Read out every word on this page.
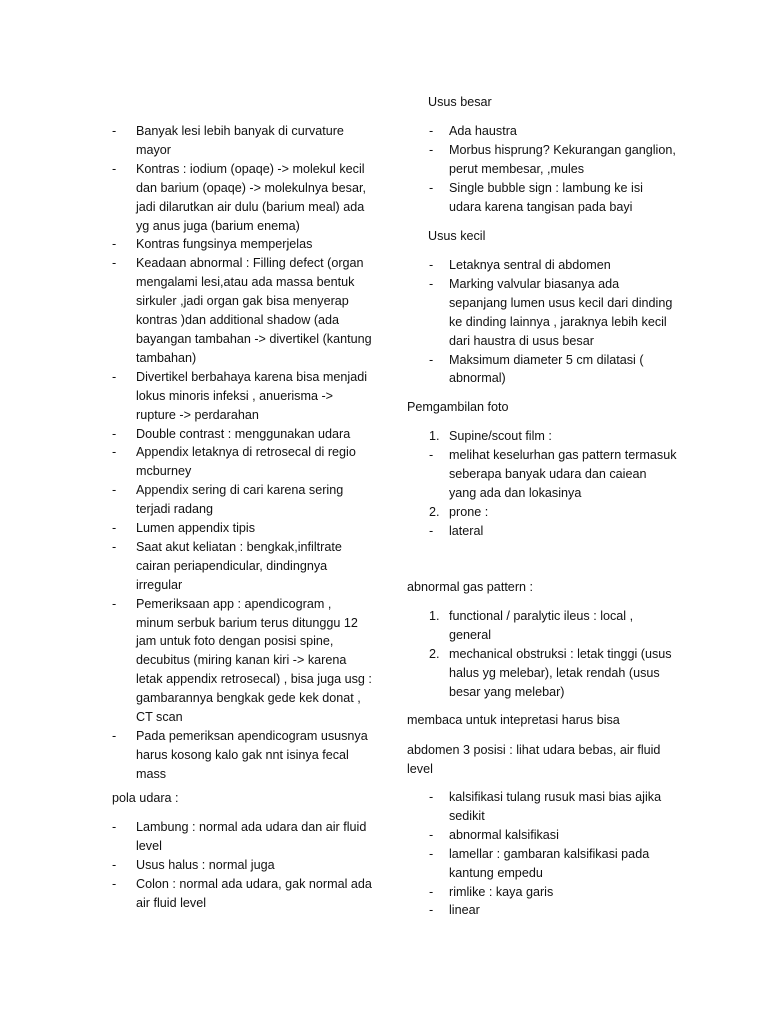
- Banyak lesi lebih banyak di curvature mayor
- Kontras : iodium (opaqe) -> molekul kecil dan barium (opaqe) -> molekulnya besar, jadi dilarutkan air dulu (barium meal) ada yg anus juga (barium enema)
- Kontras fungsinya memperjelas
- Keadaan abnormal : Filling defect (organ mengalami lesi,atau ada massa bentuk sirkuler ,jadi organ gak bisa menyerap kontras )dan additional shadow (ada bayangan tambahan -> divertikel (kantung tambahan)
- Divertikel berbahaya karena bisa menjadi lokus minoris infeksi , anuerisma -> rupture -> perdarahan
- Double contrast : menggunakan udara
- Appendix letaknya di retrosecal di regio mcburney
- Appendix sering di cari karena sering terjadi radang
- Lumen appendix tipis
- Saat akut keliatan : bengkak,infiltrate cairan periapendicular, dindingnya irregular
- Pemeriksaan app : apendicogram , minum serbuk barium terus ditunggu 12 jam untuk foto dengan posisi spine, decubitus (miring kanan kiri -> karena letak appendix retrosecal) , bisa juga usg : gambarannya bengkak gede kek donat , CT scan
- Pada pemeriksan apendicogram ususnya harus kosong kalo gak nnt isinya fecal mass
pola udara :
- Lambung : normal ada udara dan air fluid level
- Usus halus : normal juga
- Colon : normal ada udara, gak normal ada air fluid level
Usus besar
- Ada haustra
- Morbus hisprung? Kekurangan ganglion, perut membesar, ,mules
- Single bubble sign : lambung ke isi udara karena tangisan pada bayi
Usus kecil
- Letaknya sentral di abdomen
- Marking valvular biasanya ada sepanjang lumen usus kecil dari dinding ke dinding lainnya , jaraknya lebih kecil dari haustra di usus besar
- Maksimum diameter 5 cm dilatasi ( abnormal)
Pemgambilan foto
1. Supine/scout film :
- melihat keselurhan gas pattern termasuk seberapa banyak udara dan caiean yang ada dan lokasinya
2. prone :
- lateral
abnormal gas pattern :
1. functional / paralytic ileus : local , general
2. mechanical obstruksi : letak tinggi (usus halus yg melebar), letak rendah (usus besar yang melebar)
membaca untuk intepretasi harus bisa
abdomen 3 posisi : lihat udara bebas, air fluid level
- kalsifikasi tulang rusuk masi bias ajika sedikit
- abnormal kalsifikasi
- lamellar : gambaran kalsifikasi pada kantung empedu
- rimlike : kaya garis
- linear
